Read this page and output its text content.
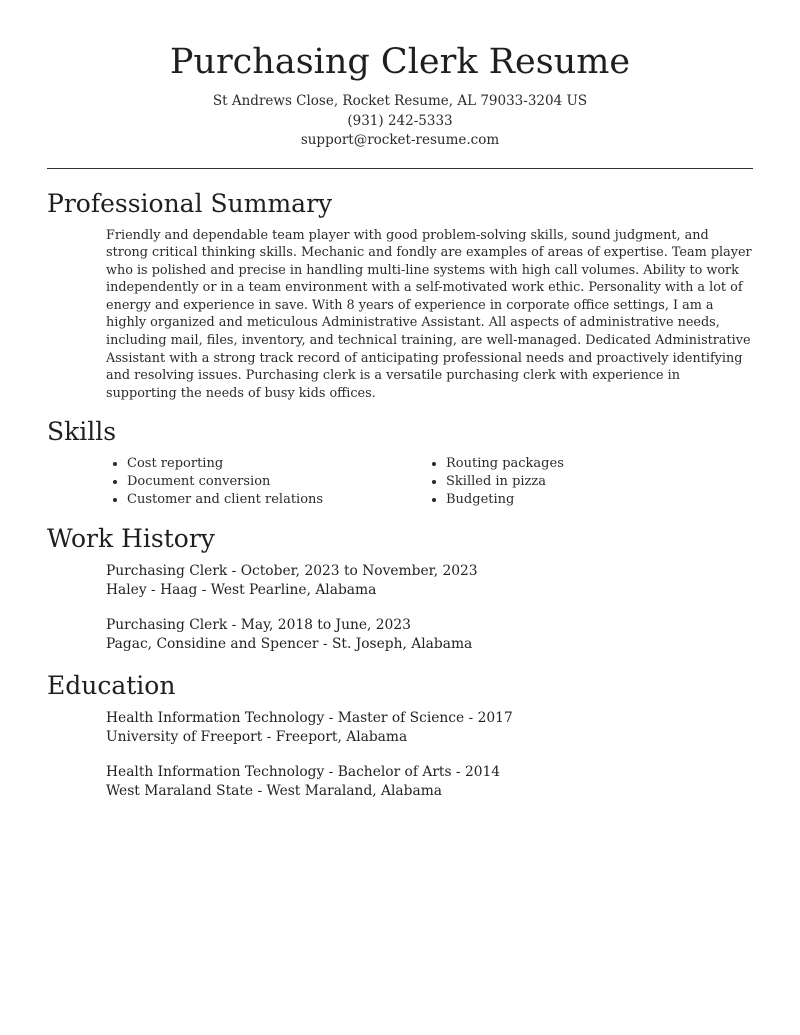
Purchasing Clerk Resume
St Andrews Close, Rocket Resume, AL 79033-3204 US
(931) 242-5333
support@rocket-resume.com
Professional Summary

Friendly and dependable team player with good problem-solving skills, sound judgment, and strong critical thinking skills. Mechanic and fondly are examples of areas of expertise. Team player who is polished and precise in handling multi-line systems with high call volumes. Ability to work independently or in a team environment with a self-motivated work ethic. Personality with a lot of energy and experience in save. With 8 years of experience in corporate office settings, I am a highly organized and meticulous Administrative Assistant. All aspects of administrative needs, including mail, files, inventory, and technical training, are well-managed. Dedicated Administrative Assistant with a strong track record of anticipating professional needs and proactively identifying and resolving issues. Purchasing clerk is a versatile purchasing clerk with experience in supporting the needs of busy kids offices.

Skills
• Cost reporting
• Document conversion
• Customer and client relations
• Routing packages
• Skilled in pizza
• Budgeting
Work History
Purchasing Clerk - October, 2023 to November, 2023
Haley - Haag - West Pearline, Alabama
Purchasing Clerk - May, 2018 to June, 2023
Pagac, Considine and Spencer - St. Joseph, Alabama
Education
Health Information Technology - Master of Science - 2017
University of Freeport - Freeport, Alabama
Health Information Technology - Bachelor of Arts - 2014
West Maraland State - West Maraland, Alabama
